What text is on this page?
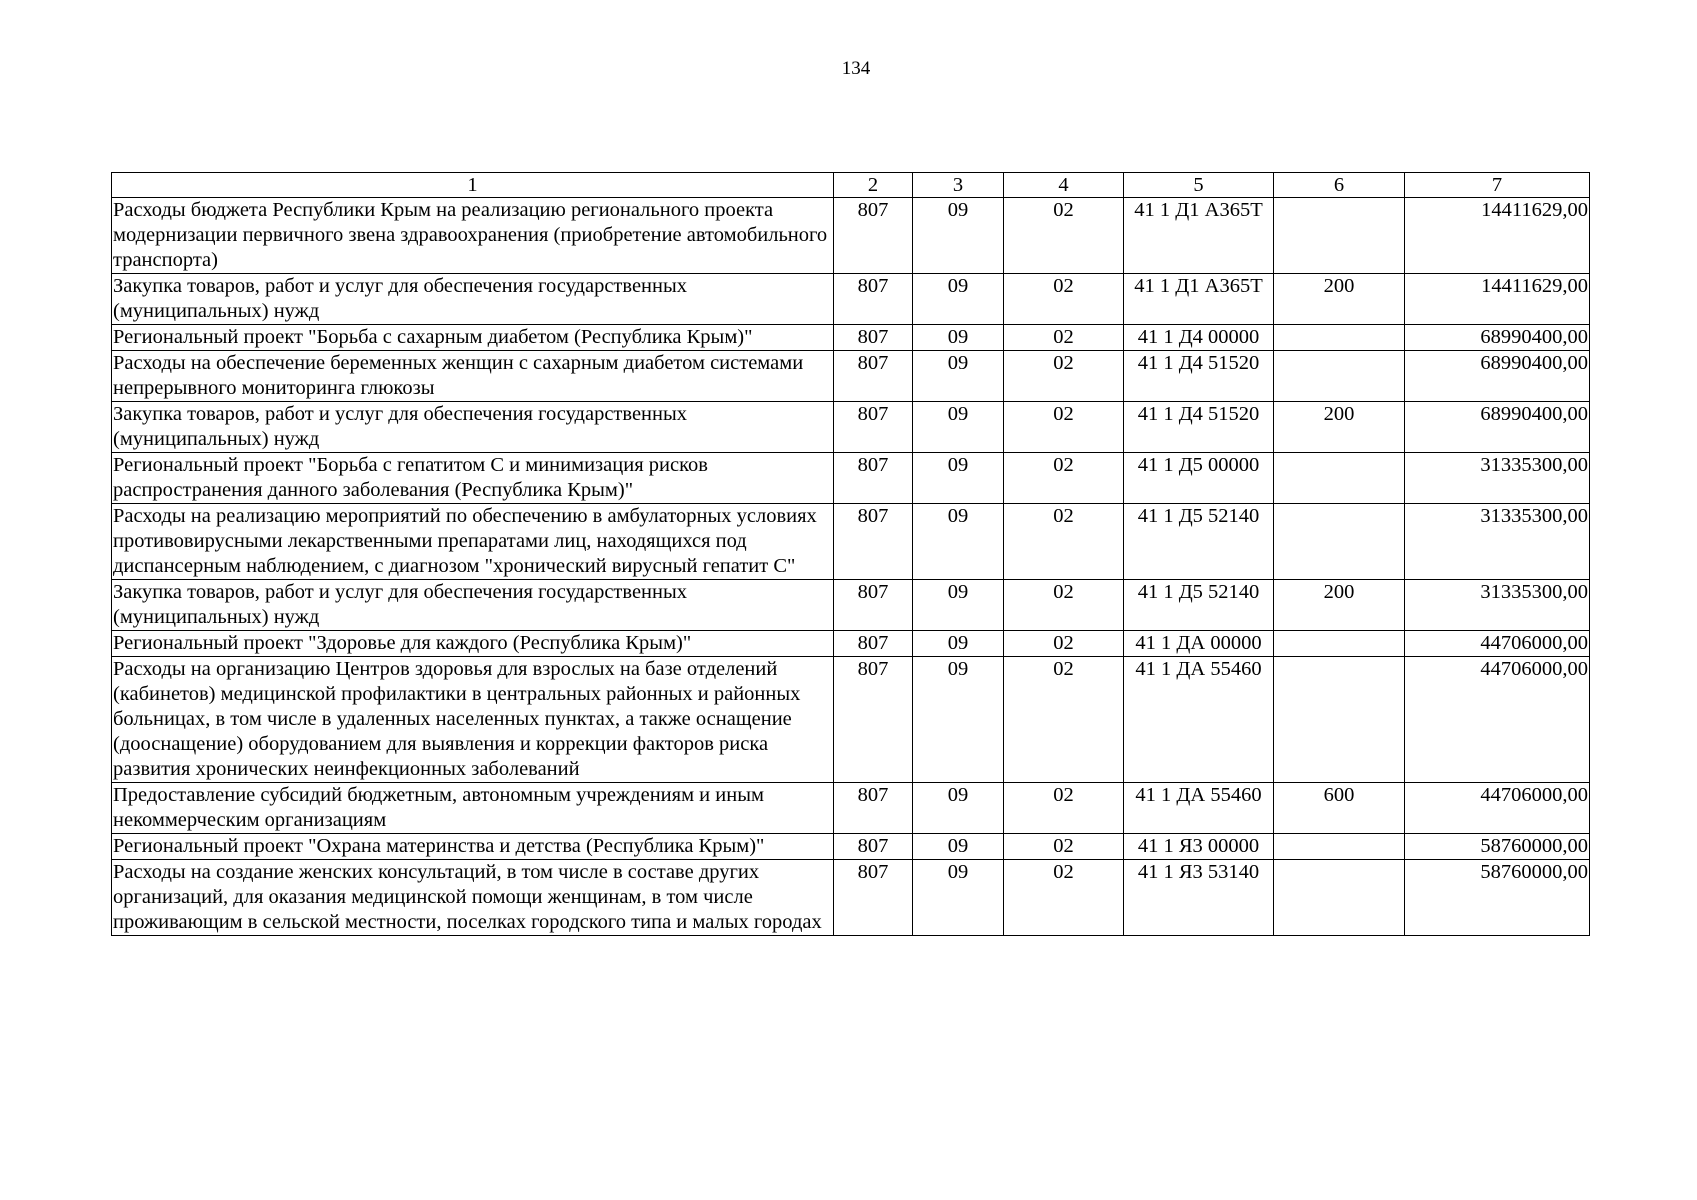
134
1	2	3	4	5	6	7
Расходы бюджета Республики Крым на реализацию регионального проекта модернизации первичного звена здравоохранения (приобретение автомобильного транспорта)	807	09	02	41 1 Д1 А365Т		14411629,00
Закупка товаров, работ и услуг для обеспечения государственных (муниципальных) нужд	807	09	02	41 1 Д1 А365Т	200	14411629,00
Региональный проект "Борьба с сахарным диабетом (Республика Крым)"	807	09	02	41 1 Д4 00000		68990400,00
Расходы на обеспечение беременных женщин с сахарным диабетом системами непрерывного мониторинга глюкозы	807	09	02	41 1 Д4 51520		68990400,00
Закупка товаров, работ и услуг для обеспечения государственных (муниципальных) нужд	807	09	02	41 1 Д4 51520	200	68990400,00
Региональный проект "Борьба с гепатитом С и минимизация рисков распространения данного заболевания (Республика Крым)"	807	09	02	41 1 Д5 00000		31335300,00
Расходы на реализацию мероприятий по обеспечению в амбулаторных условиях противовирусными лекарственными препаратами лиц, находящихся под диспансерным наблюдением, с диагнозом "хронический вирусный гепатит С"	807	09	02	41 1 Д5 52140		31335300,00
Закупка товаров, работ и услуг для обеспечения государственных (муниципальных) нужд	807	09	02	41 1 Д5 52140	200	31335300,00
Региональный проект "Здоровье для каждого (Республика Крым)"	807	09	02	41 1 ДА 00000		44706000,00
Расходы на организацию Центров здоровья для взрослых на базе отделений (кабинетов) медицинской профилактики в центральных районных и районных больницах, в том числе в удаленных населенных пунктах, а также оснащение (дооснащение) оборудованием для выявления и коррекции факторов риска развития хронических неинфекционных заболеваний	807	09	02	41 1 ДА 55460		44706000,00
Предоставление субсидий бюджетным, автономным учреждениям и иным некоммерческим организациям	807	09	02	41 1 ДА 55460	600	44706000,00
Региональный проект "Охрана материнства и детства (Республика Крым)"	807	09	02	41 1 Я3 00000		58760000,00
Расходы на создание женских консультаций, в том числе в составе других организаций, для оказания медицинской помощи женщинам, в том числе проживающим в сельской местности, поселках городского типа и малых городах	807	09	02	41 1 Я3 53140		58760000,00
